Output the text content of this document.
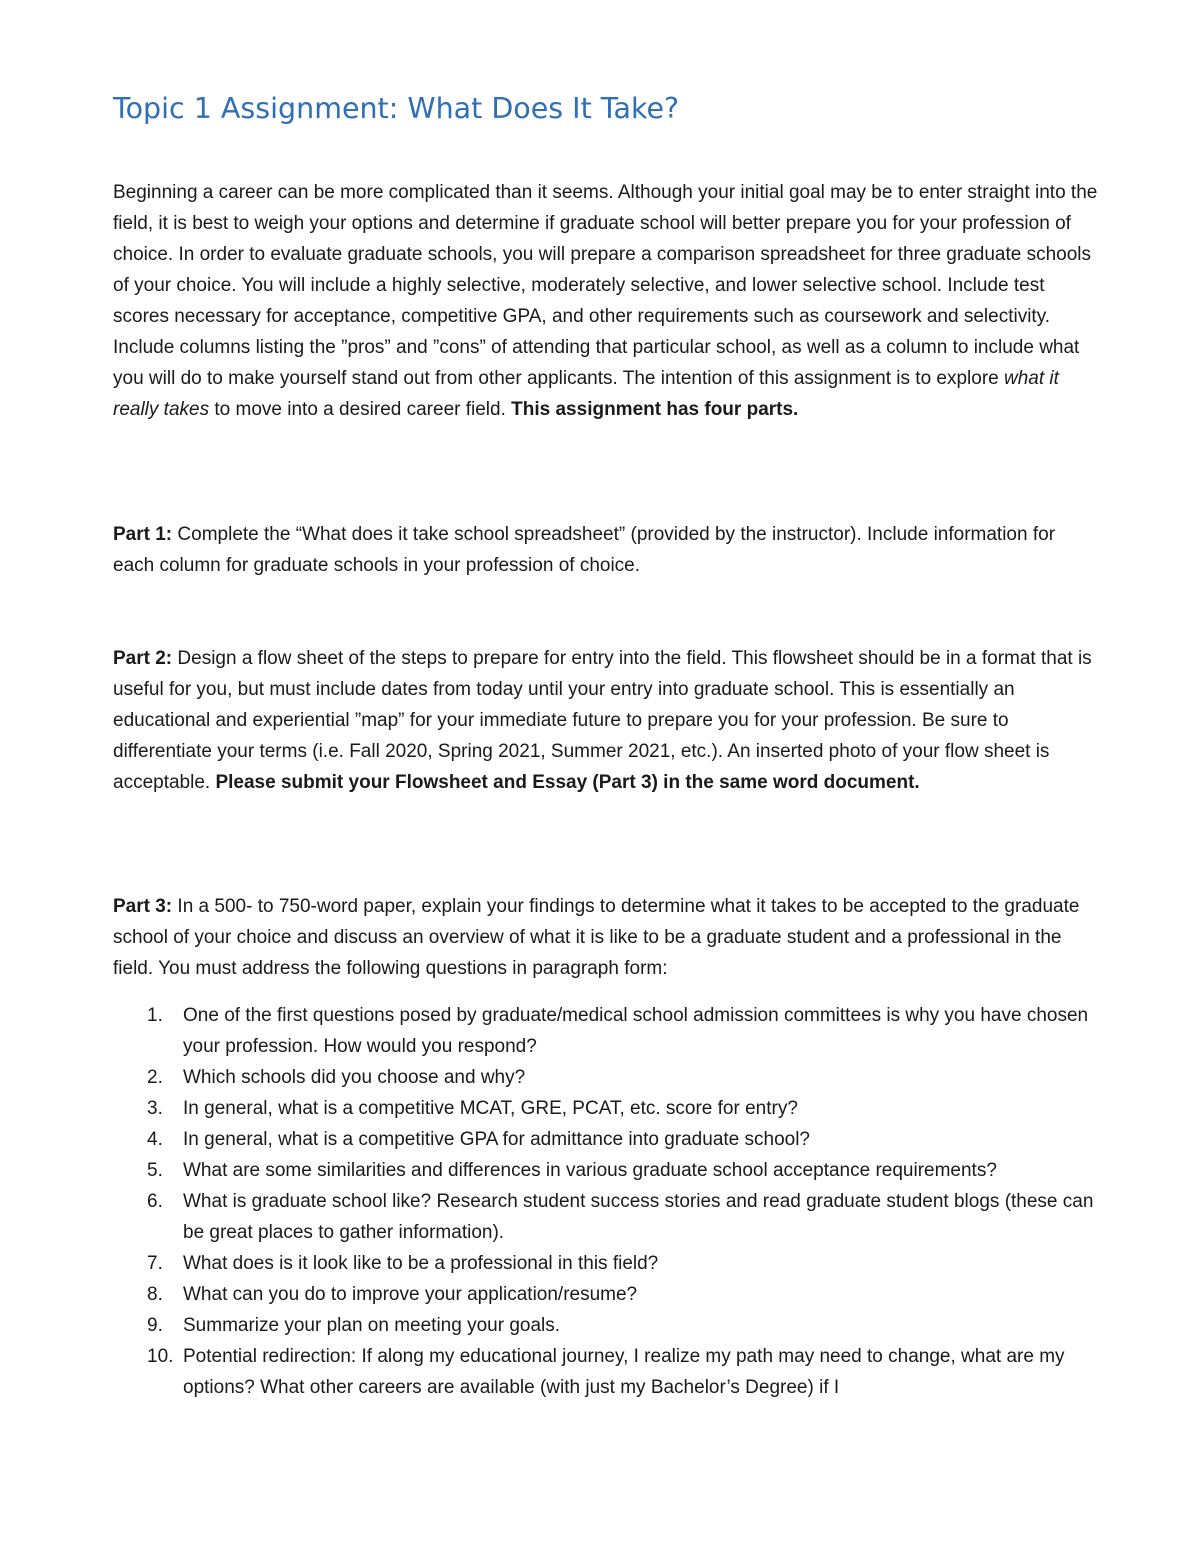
Topic 1 Assignment: What Does It Take?

Beginning a career can be more complicated than it seems. Although your initial goal may be to enter straight into the field, it is best to weigh your options and determine if graduate school will better prepare you for your profession of choice. In order to evaluate graduate schools, you will prepare a comparison spreadsheet for three graduate schools of your choice. You will include a highly selective, moderately selective, and lower selective school. Include test scores necessary for acceptance, competitive GPA, and other requirements such as coursework and selectivity. Include columns listing the ”pros” and ”cons” of attending that particular school, as well as a column to include what you will do to make yourself stand out from other applicants. The intention of this assignment is to explore what it really takes to move into a desired career field. This assignment has four parts.

Part 1: Complete the “What does it take school spreadsheet” (provided by the instructor). Include information for each column for graduate schools in your profession of choice.

Part 2: Design a flow sheet of the steps to prepare for entry into the field. This flowsheet should be in a format that is useful for you, but must include dates from today until your entry into graduate school. This is essentially an educational and experiential ”map” for your immediate future to prepare you for your profession. Be sure to differentiate your terms (i.e. Fall 2020, Spring 2021, Summer 2021, etc.). An inserted photo of your flow sheet is acceptable. Please submit your Flowsheet and Essay (Part 3) in the same word document.

Part 3: In a 500- to 750-word paper, explain your findings to determine what it takes to be accepted to the graduate school of your choice and discuss an overview of what it is like to be a graduate student and a professional in the field. You must address the following questions in paragraph form:

1. One of the first questions posed by graduate/medical school admission committees is why you have chosen your profession. How would you respond?
2. Which schools did you choose and why?
3. In general, what is a competitive MCAT, GRE, PCAT, etc. score for entry?
4. In general, what is a competitive GPA for admittance into graduate school?
5. What are some similarities and differences in various graduate school acceptance requirements?
6. What is graduate school like? Research student success stories and read graduate student blogs (these can be great places to gather information).
7. What does is it look like to be a professional in this field?
8. What can you do to improve your application/resume?
9. Summarize your plan on meeting your goals.
10. Potential redirection: If along my educational journey, I realize my path may need to change, what are my options? What other careers are available (with just my Bachelor’s Degree) if I
